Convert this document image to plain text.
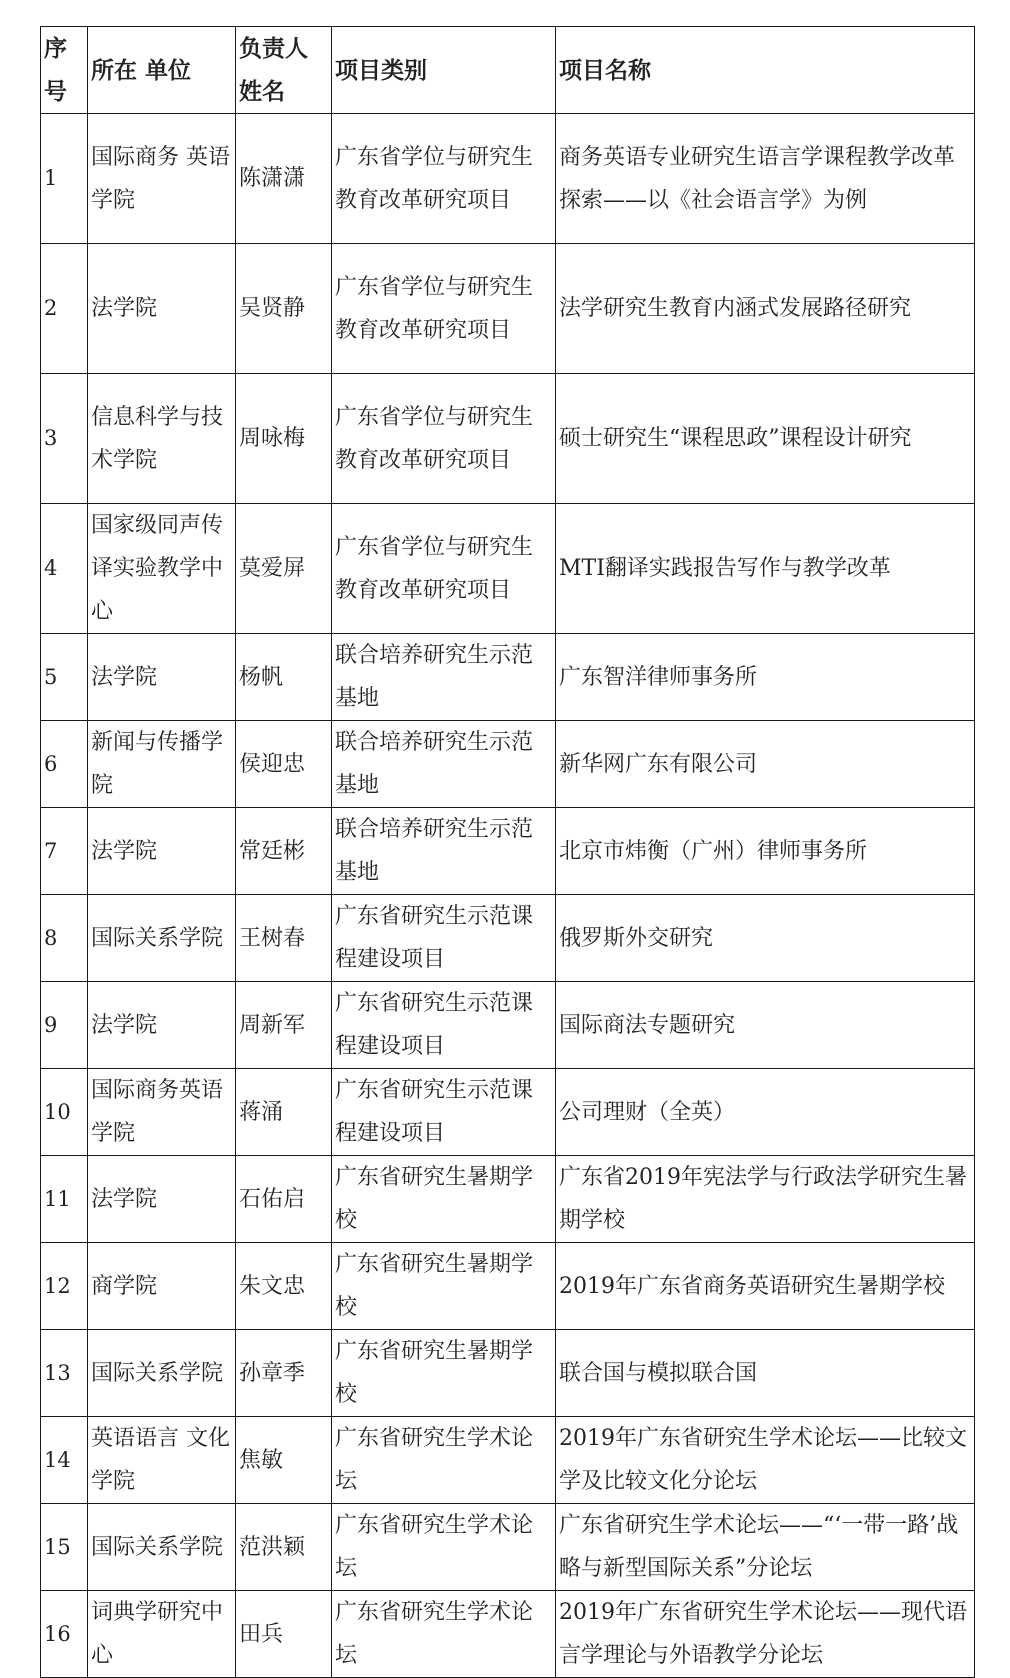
序号	所在 单位	负责人姓名	项目类别	项目名称
1	国际商务 英语学院	陈潇潇	广东省学位与研究生教育改革研究项目	商务英语专业研究生语言学课程教学改革探索——以《社会语言学》为例
2	法学院	吴贤静	广东省学位与研究生教育改革研究项目	法学研究生教育内涵式发展路径研究
3	信息科学与技术学院	周咏梅	广东省学位与研究生教育改革研究项目	硕士研究生“课程思政”课程设计研究
4	国家级同声传译实验教学中心	莫爱屏	广东省学位与研究生教育改革研究项目	MTI翻译实践报告写作与教学改革
5	法学院	杨帆	联合培养研究生示范基地	广东智洋律师事务所
6	新闻与传播学院	侯迎忠	联合培养研究生示范基地	新华网广东有限公司
7	法学院	常廷彬	联合培养研究生示范基地	北京市炜衡（广州）律师事务所
8	国际关系学院	王树春	广东省研究生示范课程建设项目	俄罗斯外交研究
9	法学院	周新军	广东省研究生示范课程建设项目	国际商法专题研究
10	国际商务英语 学院	蒋涌	广东省研究生示范课程建设项目	公司理财（全英）
11	法学院	石佑启	广东省研究生暑期学校	广东省2019年宪法学与行政法学研究生暑期学校
12	商学院	朱文忠	广东省研究生暑期学校	2019年广东省商务英语研究生暑期学校
13	国际关系学院	孙章季	广东省研究生暑期学校	联合国与模拟联合国
14	英语语言 文化学院	焦敏	广东省研究生学术论坛	2019年广东省研究生学术论坛——比较文学及比较文化分论坛
15	国际关系学院	范洪颖	广东省研究生学术论坛	广东省研究生学术论坛——“‘一带一路’战略与新型国际关系”分论坛
16	词典学研究中心	田兵	广东省研究生学术论坛	2019年广东省研究生学术论坛——现代语言学理论与外语教学分论坛
